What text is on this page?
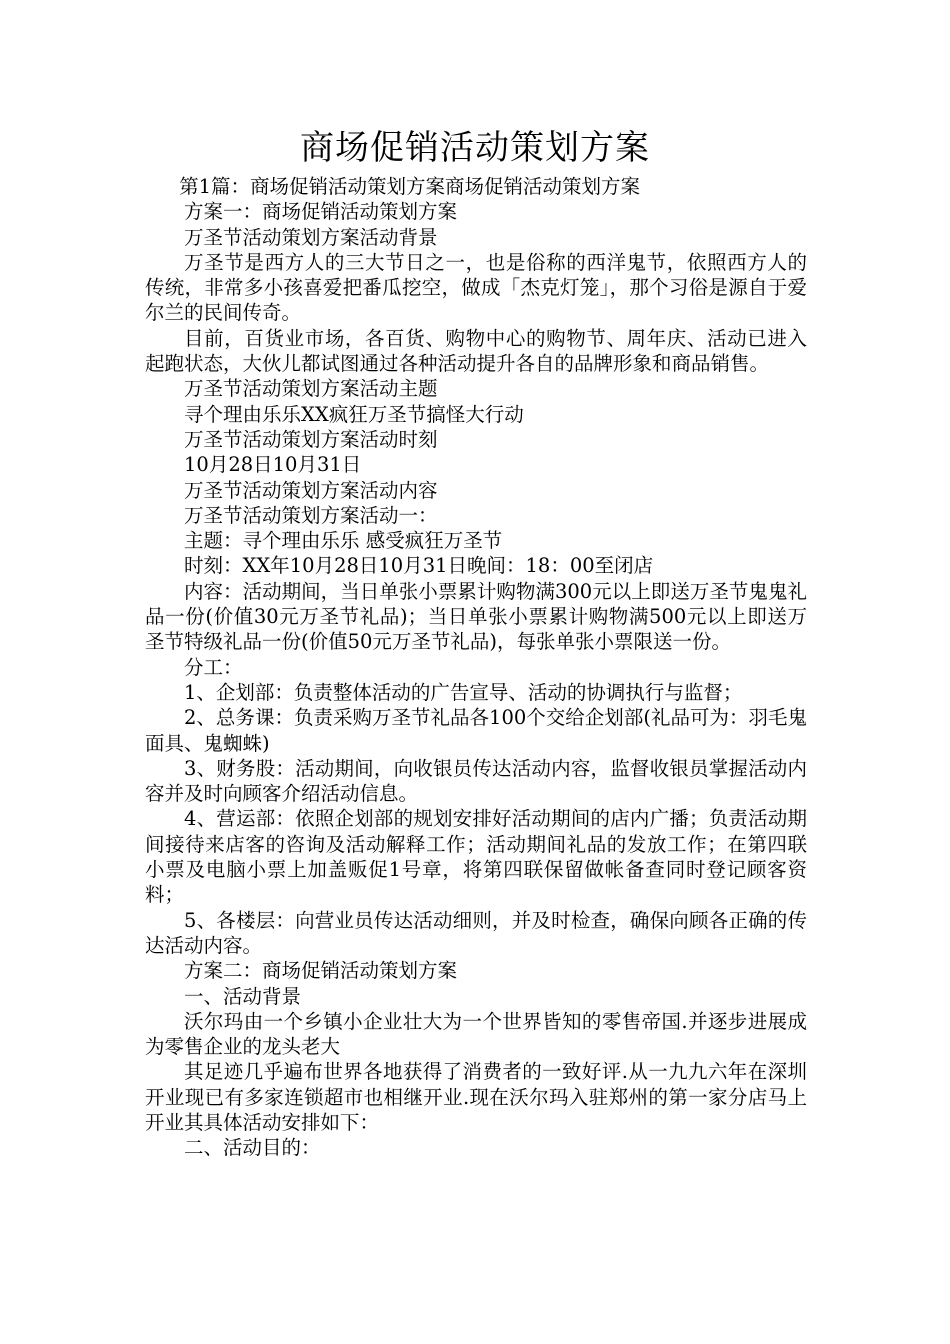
商场促销活动策划方案

第1篇：商场促销活动策划方案商场促销活动策划方案

方案一：商场促销活动策划方案

万圣节活动策划方案活动背景

万圣节是西方人的三大节日之一，也是俗称的西洋鬼节，依照西方人的传统，非常多小孩喜爱把番瓜挖空，做成「杰克灯笼」，那个习俗是源自于爱尔兰的民间传奇。

目前，百货业市场，各百货、购物中心的购物节、周年庆、活动已进入起跑状态，大伙儿都试图通过各种活动提升各自的品牌形象和商品销售。

万圣节活动策划方案活动主题

寻个理由乐乐XX疯狂万圣节搞怪大行动

万圣节活动策划方案活动时刻

10月28日10月31日

万圣节活动策划方案活动内容

万圣节活动策划方案活动一：

主题：寻个理由乐乐 感受疯狂万圣节

时刻：XX年10月28日10月31日晚间：18：00至闭店

内容：活动期间，当日单张小票累计购物满300元以上即送万圣节鬼鬼礼品一份(价值30元万圣节礼品)；当日单张小票累计购物满500元以上即送万圣节特级礼品一份(价值50元万圣节礼品)，每张单张小票限送一份。

分工：

1、企划部：负责整体活动的广告宣导、活动的协调执行与监督；

2、总务课：负责采购万圣节礼品各100个交给企划部(礼品可为：羽毛鬼面具、鬼蜘蛛)

3、财务股：活动期间，向收银员传达活动内容，监督收银员掌握活动内容并及时向顾客介绍活动信息。

4、营运部：依照企划部的规划安排好活动期间的店内广播；负责活动期间接待来店客的咨询及活动解释工作；活动期间礼品的发放工作；在第四联小票及电脑小票上加盖贩促1号章，将第四联保留做帐备查同时登记顾客资料；

5、各楼层：向营业员传达活动细则，并及时检查，确保向顾各正确的传达活动内容。

方案二：商场促销活动策划方案

一、活动背景

沃尔玛由一个乡镇小企业壮大为一个世界皆知的零售帝国.并逐步进展成为零售企业的龙头老大

其足迹几乎遍布世界各地获得了消费者的一致好评.从一九九六年在深圳开业现已有多家连锁超市也相继开业.现在沃尔玛入驻郑州的第一家分店马上开业其具体活动安排如下：

二、活动目的：
